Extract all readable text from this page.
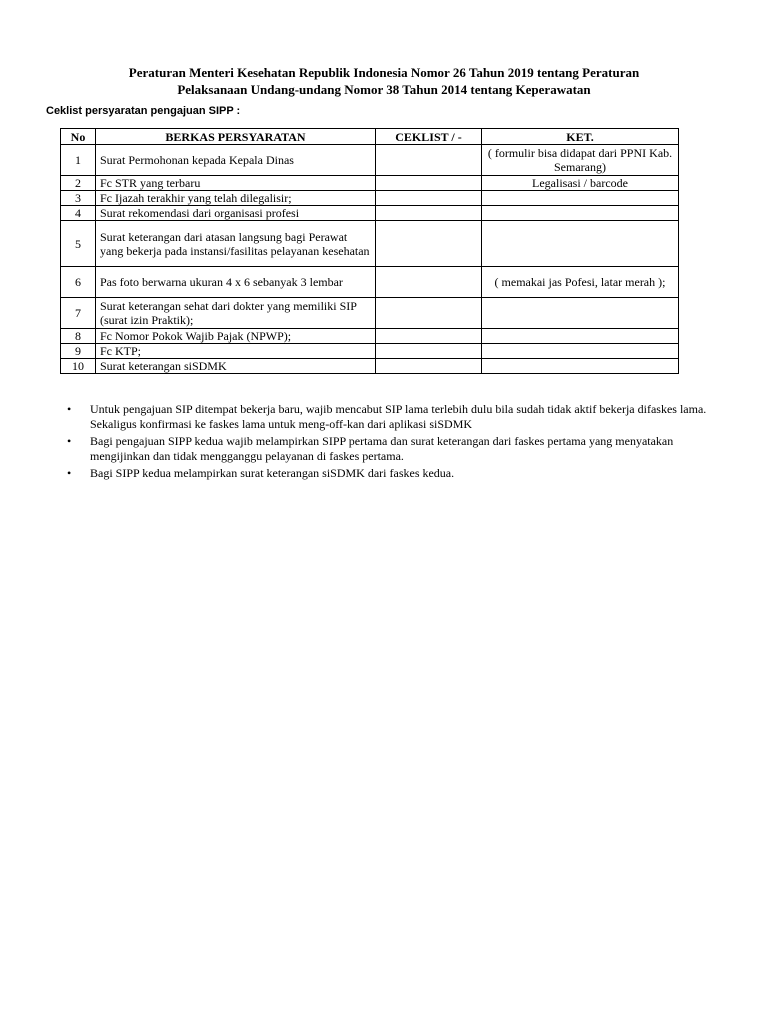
Peraturan Menteri Kesehatan Republik Indonesia Nomor 26 Tahun 2019 tentang Peraturan
Pelaksanaan Undang-undang Nomor 38 Tahun 2014 tentang Keperawatan
Ceklist persyaratan pengajuan SIPP :
No	BERKAS PERSYARATAN	CEKLIST / -	KET.
1	Surat Permohonan kepada Kepala Dinas		( formulir bisa didapat dari PPNI Kab. Semarang)
2	Fc STR yang terbaru		Legalisasi / barcode
3	Fc Ijazah terakhir yang telah dilegalisir;		
4	Surat rekomendasi dari organisasi profesi		
5	Surat keterangan dari atasan langsung bagi Perawat yang bekerja pada instansi/fasilitas pelayanan kesehatan		
6	Pas foto berwarna ukuran 4 x 6 sebanyak 3 lembar		( memakai jas Pofesi, latar merah );
7	Surat keterangan sehat dari dokter yang memiliki SIP (surat izin Praktik);		
8	Fc Nomor Pokok Wajib Pajak (NPWP);		
9	Fc KTP;		
10	Surat keterangan siSDMK		
• Untuk pengajuan SIP ditempat bekerja baru, wajib mencabut SIP lama terlebih dulu bila sudah tidak aktif bekerja difaskes lama. Sekaligus konfirmasi ke faskes lama untuk meng-off-kan dari aplikasi siSDMK
• Bagi pengajuan SIPP kedua wajib melampirkan SIPP pertama dan surat keterangan dari faskes pertama yang menyatakan mengijinkan dan tidak mengganggu pelayanan di faskes pertama.
• Bagi SIPP kedua melampirkan surat keterangan siSDMK dari faskes kedua.
